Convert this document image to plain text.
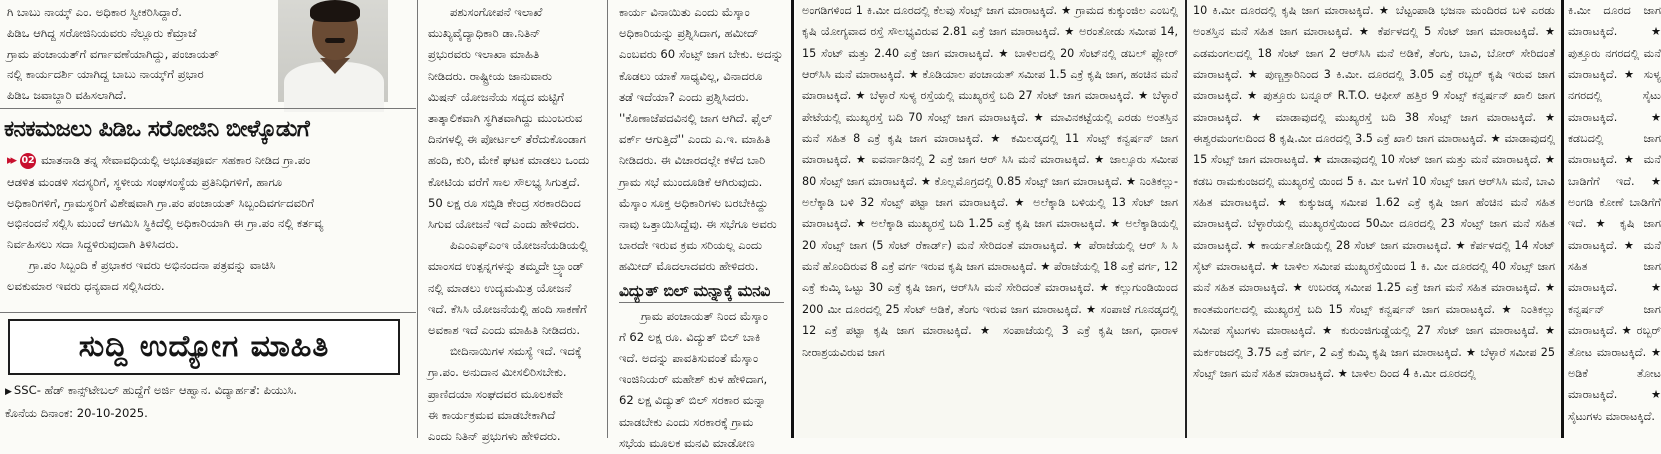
ಗಿ ಬಾಬು ನಾಯ್ಕ್ ಎಂ. ಅಧಿಕಾರ ಸ್ವೀಕರಿಸಿದ್ದಾರೆ.

ಪಿಡಿಒ ಆಗಿದ್ದ ಸರೋಜಿನಿಯವರು ನೆಲ್ಲೂರು ಕೆಮ್ರಾಜೆ

ಗ್ರಾಮ ಪಂಚಾಯತ್‌ಗೆ ವರ್ಗಾವಣೆಯಾಗಿದ್ದು, ಪಂಚಾಯತ್

ನಲ್ಲಿ ಕಾರ್ಯದರ್ಶಿ ಯಾಗಿದ್ದ ಬಾಬು ನಾಯ್ಕ್‌ಗೆ ಪ್ರಭಾರ

ಪಿಡಿಒ ಜವಾಬ್ದಾರಿ ವಹಿಸಲಾಗಿದೆ.

ಕನಕಮಜಲು ಪಿಡಿಒ ಸರೋಜಿನಿ ಬೀಳ್ಕೊಡುಗೆ

▸▸ 02 ಮಾತನಾಡಿ ತನ್ನ ಸೇವಾವಧಿಯಲ್ಲಿ ಅಭೂತಪೂರ್ವ ಸಹಕಾರ ನೀಡಿದ ಗ್ರಾ.ಪಂ

ಆಡಳಿತ ಮಂಡಳಿ ಸದಸ್ಯರಿಗೆ, ಸ್ಥಳೀಯ ಸಂಘಸಂಸ್ಥೆಯ ಪ್ರತಿನಿಧಿಗಳಿಗೆ, ಹಾಗೂ

ಅಧಿಕಾರಿಗಳಿಗೆ, ಗ್ರಾಮಸ್ಥರಿಗೆ ವಿಶೇಷವಾಗಿ ಗ್ರಾ.ಪಂ ಪಂಚಾಯತ್ ಸಿಬ್ಬಂದಿವರ್ಗದವರಿಗೆ

ಅಭಿನಂದನೆ ಸಲ್ಲಿಸಿ ಮುಂದೆ ಆಗಮಿಸಿ ಸ್ಥಿಕಿದೆಲ್ಲಿ ಅಧಿಕಾರಿಯಾಗಿ ಈ ಗ್ರಾ.ಪಂ ನಲ್ಲಿ ಕರ್ತವ್ಯ

ನಿರ್ವಹಿಸಲು ಸದಾ ಸಿದ್ದಳಿರುವುದಾಗಿ ತಿಳಿಸಿದರು.

ಗ್ರಾ.ಪಂ ಸಿಬ್ಬಂದಿ ಕೆ ಪ್ರಭಾಕರ ಇವರು ಅಭಿನಂದನಾ ಪತ್ರವನ್ನು ವಾಚಿಸಿ

ಲವಕುಮಾರ ಇವರು ಧನ್ಯವಾದ ಸಲ್ಲಿಸಿದರು.

ಸುದ್ದಿ ಉದ್ಯೋಗ ಮಾಹಿತಿ

▶ SSC- ಹೆಡ್ ಕಾನ್ಸ್‌ಟೇಬಲ್ ಹುದ್ದೆಗೆ ಅರ್ಜಿ ಆಹ್ವಾನ. ವಿದ್ಯಾರ್ಹತೆ: ಪಿಯುಸಿ.

ಕೊನೆಯ ದಿನಾಂಕ: 20-10-2025.

ಪಶುಸಂಗೋಪನೆ ಇಲಾಖೆ

ಮುಖ್ಯವೈದ್ಯಾಧಿಕಾರಿ ಡಾ.ನಿತಿನ್

ಪ್ರಭುರವರು ಇಲಾಖಾ ಮಾಹಿತಿ

ನೀಡಿದರು. ರಾಷ್ಟ್ರೀಯ ಜಾನುವಾರು

ಮಿಷನ್ ಯೋಜನೆಯ ಸದ್ಯದ ಮಟ್ಟಿಗೆ

ತಾತ್ಕಾಲಿಕವಾಗಿ ಸ್ಥಗಿತವಾಗಿದ್ದು ಮುಂಬರುವ

ದಿನಗಳಲ್ಲಿ ಈ ಪೋರ್ಟಲ್ ತೆರೆದುಕೊಂಡಾಗ

ಹಂದಿ, ಕುರಿ, ಮೇಕೆ ಘಟಕ ಮಾಡಲು ಒಂದು

ಕೋಟಿಯ ವರೆಗೆ ಸಾಲ ಸೌಲಭ್ಯ ಸಿಗುತ್ತದೆ.

50 ಲಕ್ಷ ರೂ ಸಬ್ಸಿಡಿ ಕೇಂದ್ರ ಸರಕಾರದಿಂದ

ಸಿಗುವ ಯೋಜನೆ ಇದೆ ಎಂದು ಹೇಳಿದರು.

ಪಿಎಂಎಫ್‌ಎಂಇ ಯೋಜನೆಯಡಿಯಲ್ಲಿ

ಮಾಂಸದ ಉತ್ಪನ್ನಗಳನ್ನು ತಮ್ಮದೇ ಬ್ರ್ಯಾಂಡ್

ನಲ್ಲಿ ಮಾಡಲು ಉದ್ಯಮಮಿತ್ರ ಯೋಜನೆ

ಇದೆ. ಕೆಸಿಸಿ ಯೋಜನೆಯಲ್ಲಿ ಹಂದಿ ಸಾಕಣೆಗೆ

ಅವಕಾಶ ಇದೆ ಎಂದು ಮಾಹಿತಿ ನೀಡಿದರು.

ಬೀದಿನಾಯಿಗಳ ಸಮಸ್ಯೆ ಇದೆ. ಇದಕ್ಕೆ

ಗ್ರಾ.ಪಂ. ಅನುದಾನ ಮೀಸಲಿರಿಸಬೇಕು.

ಪ್ರಾಣಿದಯಾ ಸಂಘದವರ ಮೂಲಕವೇ

ಈ ಕಾರ್ಯಕ್ರಮವ ಮಾಡಬೇಕಾಗಿದೆ

ಎಂದು ನಿತಿನ್ ಪ್ರಭುಗಳು ಹೇಳಿದರು.

ಕಾರ್ಯ ವಿನಾಯಿತು ಎಂದು ಮೆಸ್ಕಾಂ

ಅಧಿಕಾರಿಯನ್ನು ಪ್ರಶ್ನಿಸಿದಾಗ, ಹಮೀದ್

ಎಂಬವರು 60 ಸೆಂಟ್ಸ್ ಜಾಗ ಬೇಕು. ಅದನ್ನು

ಕೊಡಲು ಯಾಕೆ ಸಾಧ್ಯವಿಲ್ಲ, ವಿನಾದರೂ

ತಡೆ ಇದೆಯಾ? ಎಂದು ಪ್ರಶ್ನಿಸಿದರು.

''ಕೊಣಾಜೆಪದವಿನಲ್ಲಿ ಜಾಗ ಆಗಿದೆ. ಫೈಲ್

ವರ್ಕ್ ಆಗುತ್ತಿದೆ'' ಎಂದು ಎ.ಇ. ಮಾಹಿತಿ

ನೀಡಿದರು. ಈ ವಿಚಾರದಲ್ಲೇ ಕಳೆದ ಬಾರಿ

ಗ್ರಾಮ ಸಭೆ ಮುಂದೂಡಿಕೆ ಆಗಿರುವುದು.

ಮೆಸ್ಕಾಂ ಸೂಕ್ತ ಅಧಿಕಾರಿಗಳು ಬರಬೇಕಿದ್ದು

ನಾವು ಒತ್ತಾಯಿಸಿದ್ದೆವು. ಈ ಸಭೆಗೂ ಅವರು

ಬಾರದೇ ಇರುವ ಕ್ರಮ ಸರಿಯಲ್ಲ ಎಂದು

ಹಮೀದ್ ಮೊದಲಾದವರು ಹೇಳಿದರು.

ವಿದ್ಯುತ್ ಬಿಲ್ ಮನ್ನಾಕ್ಕೆ ಮನವಿ

ಗ್ರಾಮ ಪಂಚಾಯತ್ ನಿಂದ ಮೆಸ್ಕಾಂ

ಗೆ 62 ಲಕ್ಷ ರೂ. ವಿದ್ಯುತ್ ಬಿಲ್ ಬಾಕಿ

ಇದೆ. ಅದನ್ನು ಪಾವತಿಸುವಂತೆ ಮೆಸ್ಕಾಂ

ಇಂಜಿನಿಯರ್ ಮಹೇಶ್ ಕುಳ ಹೇಳಿದಾಗ,

62 ಲಕ್ಷ ವಿದ್ಯುತ್ ಬಿಲ್ ಸರಕಾರ ಮನ್ನಾ

ಮಾಡಬೇಕು ಎಂದು ಸರಕಾರಕ್ಕೆ ಗ್ರಾಮ

ಸಭೆಯ ಮೂಲಕ ಮನವಿ ಮಾಡೋಣ

ಅಂಗಡಿಗಳಿಂದ 1 ಕಿ.ಮೀ ದೂರದಲ್ಲಿ ಕೆಲವು ಸೆಂಟ್ಸ್ ಜಾಗ ಮಾರಾಟಕ್ಕಿದೆ. ★ ಗ್ರಾಮದ ಕುಕ್ಕುಂಜಿಲ ಎಂಬಲ್ಲಿ ಕೃಷಿ ಯೋಗ್ಯವಾದ ರಸ್ತೆ ಸೌಲಭ್ಯವಿರುವ 2.81 ಎಕ್ರೆ ಜಾಗ ಮಾರಾಟಕ್ಕಿದೆ. ★ ಅರಂತೋಡು ಸಮೀಪ 14, 15 ಸೆಂಟ್ ಮತ್ತು 2.40 ಎಕ್ರೆ ಜಾಗ ಮಾರಾಟಕ್ಕಿದೆ. ★ ಬಾಳಿಲದಲ್ಲಿ 20 ಸೆಂಟ್‌ನಲ್ಲಿ ಡಬಲ್ ಫ್ಲೋರ್ ಆರ್‌ಸಿಸಿ ಮನೆ ಮಾರಾಟಕ್ಕಿದೆ. ★ ಕೊಡಿಯಾಲ ಪಂಚಾಯತ್ ಸಮೀಪ 1.5 ಎಕ್ರೆ ಕೃಷಿ ಜಾಗ, ಹಂಚಿನ ಮನೆ ಮಾರಾಟಕ್ಕಿದೆ. ★ ಬೆಳ್ಳಾರೆ ಸುಳ್ಯ ರಸ್ತೆಯಲ್ಲಿ ಮುಖ್ಯರಸ್ತೆ ಬದಿ 27 ಸೆಂಟ್ ಜಾಗ ಮಾರಾಟಕ್ಕಿದೆ. ★ ಬೆಳ್ಳಾರೆ ಪೇಟೆಯಲ್ಲಿ ಮುಖ್ಯರಸ್ತೆ ಬದಿ 70 ಸೆಂಟ್ಸ್ ಜಾಗ ಮಾರಾಟಕ್ಕಿದೆ. ★ ಮಾವಿನಕಟ್ಟೆಯಲ್ಲಿ ಎರಡು ಅಂತಸ್ತಿನ ಮನೆ ಸಹಿತ 8 ಎಕ್ರೆ ಕೃಷಿ ಜಾಗ ಮಾರಾಟಕ್ಕಿದೆ. ★ ಕಮಿಲಡ್ಕದಲ್ಲಿ 11 ಸೆಂಟ್ಸ್ ಕನ್ವರ್ಷನ್ ಜಾಗ ಮಾರಾಟಕ್ಕಿದೆ. ★ ಐವರ್ನಾಡಿನಲ್ಲಿ 2 ಎಕ್ರೆ ಜಾಗ ಆರ್ ಸಿಸಿ ಮನೆ ಮಾರಾಟಕ್ಕಿದೆ. ★ ಜಾಲ್ಸೂರು ಸಮೀಪ 80 ಸೆಂಟ್ಸ್ ಜಾಗ ಮಾರಾಟಕ್ಕಿದೆ. ★ ಕೊಲ್ಲಮೊಗ್ರದಲ್ಲಿ 0.85 ಸೆಂಟ್ಸ್ ಜಾಗ ಮಾರಾಟಕ್ಕಿದೆ. ★ ನಿಂತಿಕಲ್ಲು- ಅಲೆಕ್ಕಾಡಿ ಬಳಿ 32 ಸೆಂಟ್ಸ್ ಪಟ್ಟಾ ಜಾಗ ಮಾರಾಟಕ್ಕಿದೆ. ★ ಅಲೆಕ್ಕಾಡಿ ಬಳಿಯಲ್ಲಿ 13 ಸೆಂಟ್ ಜಾಗ ಮಾರಾಟಕ್ಕಿದೆ. ★ ಅಲೆಕ್ಕಾಡಿ ಮುಖ್ಯರಸ್ತೆ ಬದಿ 1.25 ಎಕ್ರೆ ಕೃಷಿ ಜಾಗ ಮಾರಾಟಕ್ಕಿದೆ. ★ ಅಲೆಕ್ಕಾಡಿಯಲ್ಲಿ 20 ಸೆಂಟ್ಸ್ ಜಾಗ (5 ಸೆಂಟ್ ರೆಕಾರ್ಡ್) ಮನೆ ಸೇರಿದಂತೆ ಮಾರಾಟಕ್ಕಿದೆ. ★ ಪೆರಾಜೆಯಲ್ಲಿ ಆರ್ ಸಿ ಸಿ ಮನೆ ಹೊಂದಿರುವ 8 ಎಕ್ರೆ ವರ್ಗ ಇರುವ ಕೃಷಿ ಜಾಗ ಮಾರಾಟಕ್ಕಿದೆ. ★ ಪೆರಾಜೆಯಲ್ಲಿ 18 ಎಕ್ರೆ ವರ್ಗ, 12 ಎಕ್ರೆ ಕುಮ್ಕಿ ಒಟ್ಟು 30 ಎಕ್ರೆ ಕೃಷಿ ಜಾಗ, ಆರ್‌ಸಿಸಿ ಮನೆ ಸೇರಿದಂತೆ ಮಾರಾಟಕ್ಕಿದೆ. ★ ಕಲ್ಲುಗುಂಡಿಯಿಂದ 200 ಮೀ ದೂರದಲ್ಲಿ 25 ಸೆಂಟ್ ಅಡಿಕೆ, ತೆಂಗು ಇರುವ ಜಾಗ ಮಾರಾಟಕ್ಕಿದೆ. ★ ಸಂಪಾಜೆ ಗೂನಡ್ಕದಲ್ಲಿ 12 ಎಕ್ರೆ ಪಟ್ಟಾ ಕೃಷಿ ಜಾಗ ಮಾರಾಟಕ್ಕಿದೆ. ★ ಸಂಪಾಜೆಯಲ್ಲಿ 3 ಎಕ್ರೆ ಕೃಷಿ ಜಾಗ, ಧಾರಾಳ ನೀರಾಶ್ರಯವಿರುವ ಜಾಗ

10 ಕಿ.ಮೀ ದೂರದಲ್ಲಿ ಕೃಷಿ ಜಾಗ ಮಾರಾಟಕ್ಕಿದೆ. ★ ಬೆಟ್ಟಂಪಾಡಿ ಭಜನಾ ಮಂದಿರದ ಬಳಿ ಎರಡು ಅಂತಸ್ತಿನ ಮನೆ ಸಹಿತ ಜಾಗ ಮಾರಾಟಕ್ಕಿದೆ. ★ ಕೆರ್ಪಳದಲ್ಲಿ 5 ಸೆಂಟ್ ಜಾಗ ಮಾರಾಟಕ್ಕಿದೆ. ★ ಎಡಮಂಗಲದಲ್ಲಿ 18 ಸೆಂಟ್ ಜಾಗ 2 ಆರ್‌ಸಿಸಿ ಮನೆ ಅಡಿಕೆ, ತೆಂಗು, ಬಾವಿ, ಬೋರ್ ಸೇರಿದಂತೆ ಮಾರಾಟಕ್ಕಿದೆ. ★ ಪುಣ್ಚತ್ತಾರಿನಿಂದ 3 ಕಿ.ಮೀ. ದೂರದಲ್ಲಿ 3.05 ಎಕ್ರೆ ರಬ್ಬರ್ ಕೃಷಿ ಇರುವ ಜಾಗ ಮಾರಾಟಕ್ಕಿದೆ. ★ ಪುತ್ತೂರು ಬನ್ನೂರ್ R.T.O. ಆಫೀಸ್ ಹತ್ತಿರ 9 ಸೆಂಟ್ಸ್ ಕನ್ವರ್ಷನ್ ಖಾಲಿ ಜಾಗ ಮಾರಾಟಕ್ಕಿದೆ. ★ ಮಾಡಾವುದಲ್ಲಿ ಮುಖ್ಯರಸ್ತೆ ಬದಿ 38 ಸೆಂಟ್ಸ್ ಜಾಗ ಮಾರಾಟಕ್ಕಿದೆ. ★ ಈಶ್ವರಮಂಗಲದಿಂದ 8 ಕೃಷಿ.ಮೀ ದೂರದಲ್ಲಿ 3.5 ಎಕ್ರೆ ಖಾಲಿ ಜಾಗ ಮಾರಾಟಕ್ಕಿದೆ. ★ ಮಾಡಾವುದಲ್ಲಿ 15 ಸೆಂಟ್ಸ್ ಜಾಗ ಮಾರಾಟಕ್ಕಿದೆ. ★ ಮಾಡಾವುದಲ್ಲಿ 10 ಸೆಂಟ್ ಜಾಗ ಮತ್ತು ಮನೆ ಮಾರಾಟಕ್ಕಿದೆ. ★ ಕಡಬ ರಾಮಕುಂಜದಲ್ಲಿ ಮುಖ್ಯರಸ್ತೆ ಯಿಂದ 5 ಕಿ. ಮೀ ಒಳಗೆ 10 ಸೆಂಟ್ಸ್ ಜಾಗ ಆರ್‌ಸಿಸಿ ಮನೆ, ಬಾವಿ ಸಹಿತ ಮಾರಾಟಕ್ಕಿದೆ. ★ ಕುಕ್ಕುಜಡ್ಕ ಸಮೀಪ 1.62 ಎಕ್ರೆ ಕೃಷಿ ಜಾಗ ಹೆಂಚಿನ ಮನೆ ಸಹಿತ ಮಾರಾಟಕ್ಕಿದೆ. ಬೆಳ್ಳಾರೆಯಲ್ಲಿ ಮುಖ್ಯರಸ್ತೆಯಿಂದ 50ಮೀ ದೂರದಲ್ಲಿ 23 ಸೆಂಟ್ಸ್ ಜಾಗ ಮನೆ ಸಹಿತ ಮಾರಾಟಕ್ಕಿದೆ. ★ ಕಾರ್ಯತೋಡಿಯಲ್ಲಿ 28 ಸೆಂಟ್ ಜಾಗ ಮಾರಾಟಕ್ಕಿದೆ. ★ ಕೆರ್ಪಳದಲ್ಲಿ 14 ಸೆಂಟ್ ಸೈಟ್ ಮಾರಾಟಕ್ಕಿದೆ. ★ ಬಾಳಿಲ ಸಮೀಪ ಮುಖ್ಯರಸ್ತೆಯಿಂದ 1 ಕಿ. ಮೀ ದೂರದಲ್ಲಿ 40 ಸೆಂಟ್ಸ್ ಜಾಗ ಮನೆ ಸಹಿತ ಮಾರಾಟಕ್ಕಿದೆ. ★ ಉಬರಡ್ಕ ಸಮೀಪ 1.25 ಎಕ್ರೆ ಜಾಗ ಮನೆ ಸಹಿತ ಮಾರಾಟಕ್ಕಿದೆ. ★ ಕಾಂತಮಂಗಲದಲ್ಲಿ ಮುಖ್ಯರಸ್ತೆ ಬದಿ 15 ಸೆಂಟ್ಸ್ ಕನ್ವರ್ಷನ್ ಜಾಗ ಮಾರಾಟಕ್ಕಿದೆ. ★ ನಿಂತಿಕಲ್ಲು ಸಮೀಪ ಸೈಟುಗಳು ಮಾರಾಟಕ್ಕಿದೆ. ★ ಕುರುಂಜಿಗುಡ್ಡೆಯಲ್ಲಿ 27 ಸೆಂಟ್ ಜಾಗ ಮಾರಾಟಕ್ಕಿದೆ. ★ ಮರ್ಕಂಜದಲ್ಲಿ 3.75 ಎಕ್ರೆ ವರ್ಗ, 2 ಎಕ್ರೆ ಕುಮ್ಕಿ ಕೃಷಿ ಜಾಗ ಮಾರಾಟಕ್ಕಿದೆ. ★ ಬೆಳ್ಳಾರೆ ಸಮೀಪ 25 ಸೆಂಟ್ಸ್ ಜಾಗ ಮನೆ ಸಹಿತ ಮಾರಾಟಕ್ಕಿದೆ. ★ ಬಾಳಿಲ ದಿಂದ 4 ಕಿ.ಮೀ ದೂರದಲ್ಲಿ

ಕಿ.ಮೀ ದೂರದ ಜಾಗ ಮಾರಾಟಕ್ಕಿದೆ. ★ ಪುತ್ತೂರು ನಗರದಲ್ಲಿ ಮನೆ ಮಾರಾಟಕ್ಕಿದೆ. ★ ಸುಳ್ಯ ನಗರದಲ್ಲಿ ಸೈಟು ಮಾರಾಟಕ್ಕಿದೆ. ★ ಕಡಬದಲ್ಲಿ ಜಾಗ ಮಾರಾಟಕ್ಕಿದೆ. ★ ಮನೆ ಬಾಡಿಗೆಗೆ ಇದೆ. ★ ಅಂಗಡಿ ಕೋಣೆ ಬಾಡಿಗೆಗೆ ಇದೆ. ★ ಕೃಷಿ ಜಾಗ ಮಾರಾಟಕ್ಕಿದೆ. ★ ಮನೆ ಸಹಿತ ಜಾಗ ಮಾರಾಟಕ್ಕಿದೆ. ★ ಕನ್ವರ್ಷನ್ ಜಾಗ ಮಾರಾಟಕ್ಕಿದೆ. ★ ರಬ್ಬರ್ ತೋಟ ಮಾರಾಟಕ್ಕಿದೆ. ★ ಅಡಿಕೆ ತೋಟ ಮಾರಾಟಕ್ಕಿದೆ. ★ ಸೈಟುಗಳು ಮಾರಾಟಕ್ಕಿದೆ.
